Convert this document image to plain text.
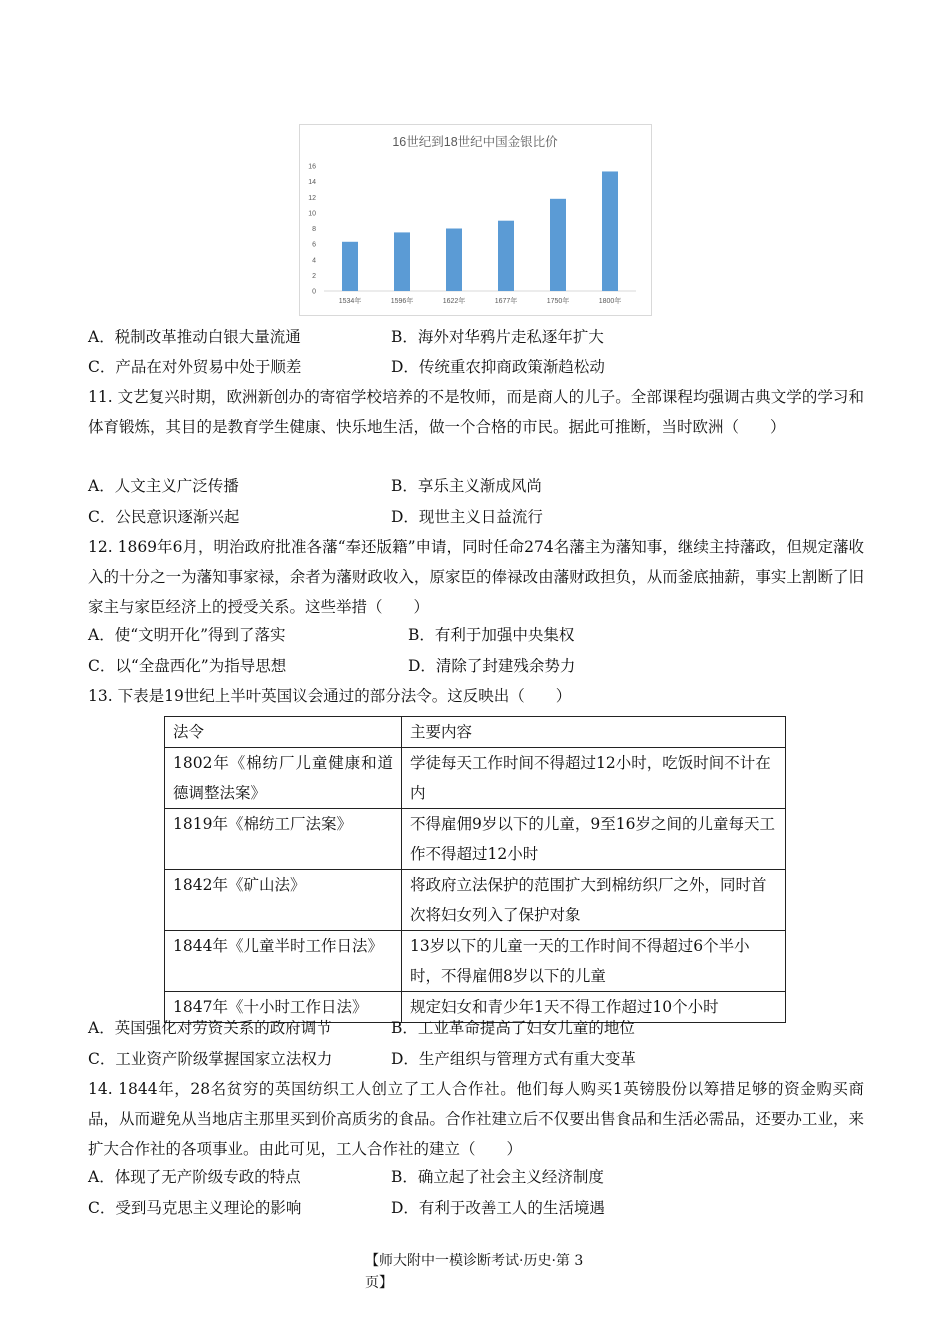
16世纪到18世纪中国金银比价
0
2
4
6
8
10
12
14
16
1534年	1596年	1622年	1677年	1750年	1800年
A．税制改革推动白银大量流通	B．海外对华鸦片走私逐年扩大
C．产品在对外贸易中处于顺差	D．传统重农抑商政策渐趋松动
11. 文艺复兴时期，欧洲新创办的寄宿学校培养的不是牧师，而是商人的儿子。全部课程均强调古典文学的学习和体育锻炼，其目的是教育学生健康、快乐地生活，做一个合格的市民。据此可推断，当时欧洲（　　）
A．人文主义广泛传播	B．享乐主义渐成风尚
C．公民意识逐渐兴起	D．现世主义日益流行
12. 1869年6月，明治政府批准各藩“奉还版籍”申请，同时任命274名藩主为藩知事，继续主持藩政，但规定藩收入的十分之一为藩知事家禄，余者为藩财政收入，原家臣的俸禄改由藩财政担负，从而釜底抽薪，事实上割断了旧家主与家臣经济上的授受关系。这些举措（　　）
A．使“文明开化”得到了落实	B．有利于加强中央集权
C．以“全盘西化”为指导思想	D．清除了封建残余势力
13. 下表是19世纪上半叶英国议会通过的部分法令。这反映出（　　）
法令	主要内容
1802年《棉纺厂儿童健康和道德调整法案》	学徒每天工作时间不得超过12小时，吃饭时间不计在内
1819年《棉纺工厂法案》	不得雇佣9岁以下的儿童，9至16岁之间的儿童每天工作不得超过12小时
1842年《矿山法》	将政府立法保护的范围扩大到棉纺织厂之外，同时首次将妇女列入了保护对象
1844年《儿童半时工作日法》	13岁以下的儿童一天的工作时间不得超过6个半小时，不得雇佣8岁以下的儿童
1847年《十小时工作日法》	规定妇女和青少年1天不得工作超过10个小时
A．英国强化对劳资关系的政府调节	B．工业革命提高了妇女儿童的地位
C．工业资产阶级掌握国家立法权力	D．生产组织与管理方式有重大变革
14. 1844年，28名贫穷的英国纺织工人创立了工人合作社。他们每人购买1英镑股份以筹措足够的资金购买商品，从而避免从当地店主那里买到价高质劣的食品。合作社建立后不仅要出售食品和生活必需品，还要办工业，来扩大合作社的各项事业。由此可见，工人合作社的建立（　　）
A．体现了无产阶级专政的特点	B．确立起了社会主义经济制度
C．受到马克思主义理论的影响	D．有利于改善工人的生活境遇
【师大附中一模诊断考试·历史·第 3 页】
